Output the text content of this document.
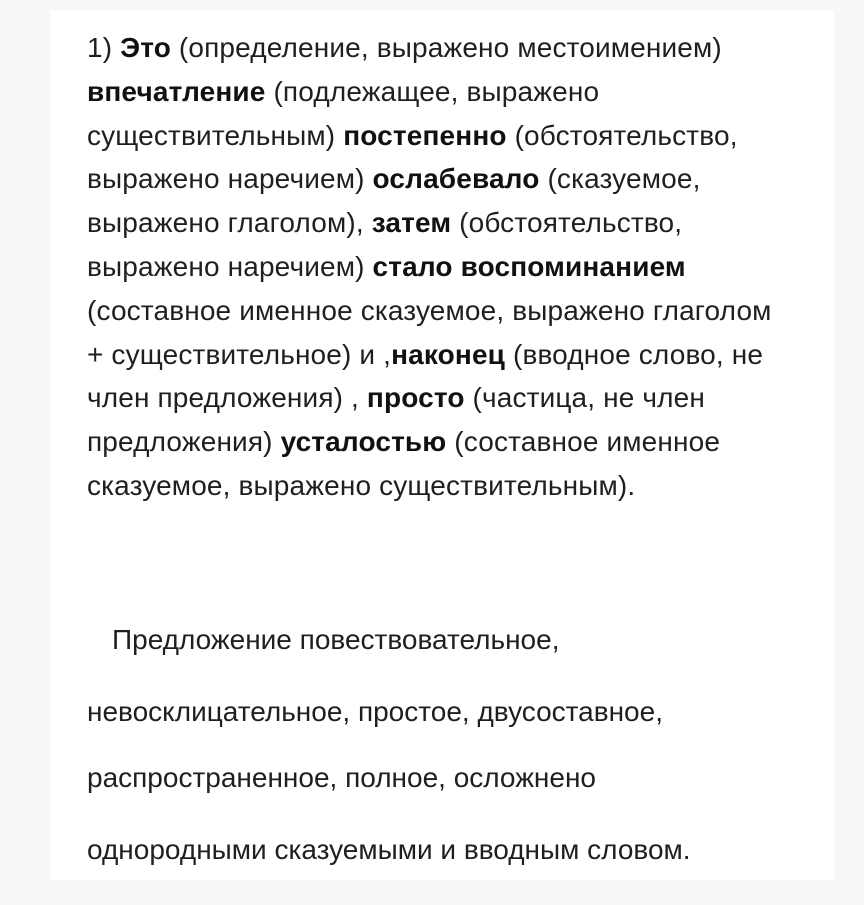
1) Это (определение, выражено местоимением) впечатление (подлежащее, выражено существительным) постепенно (обстоятельство, выражено наречием) ослабевало (сказуемое, выражено глаголом), затем (обстоятельство, выражено наречием) стало воспоминанием (составное именное сказуемое, выражено глаголом + существительное) и ,наконец (вводное слово, не член предложения) , просто (частица, не член предложения) усталостью (составное именное сказуемое, выражено существительным).
Предложение повествовательное,
невосклицательное, простое, двусоставное,
распространенное, полное, осложнено
однородными сказуемыми и вводным словом.
